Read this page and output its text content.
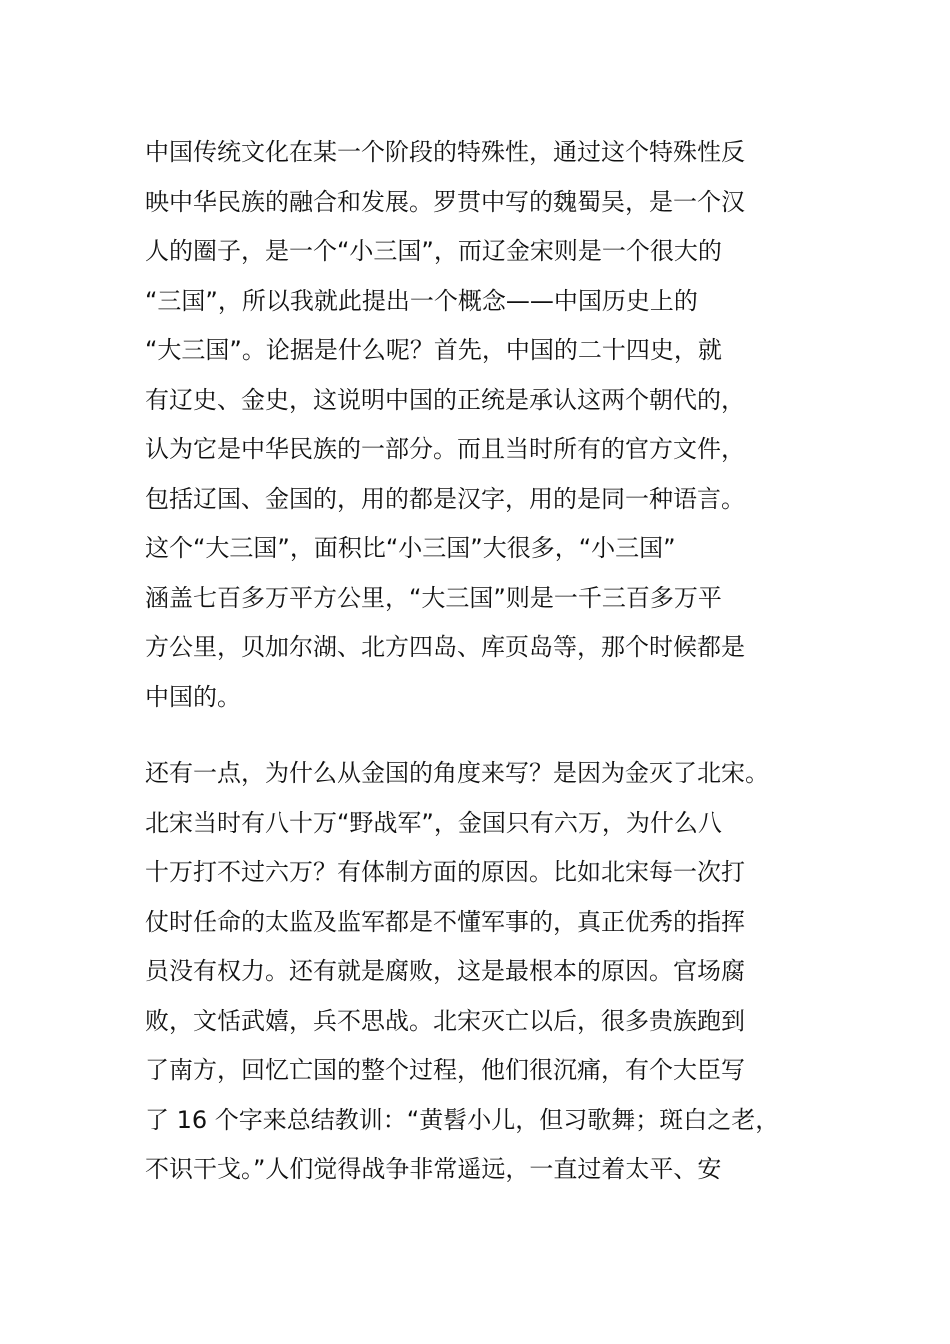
中国传统文化在某一个阶段的特殊性，通过这个特殊性反
映中华民族的融合和发展。罗贯中写的魏蜀吴，是一个汉
人的圈子，是一个“小三国”，而辽金宋则是一个很大的
“三国”，所以我就此提出一个概念——中国历史上的
“大三国”。论据是什么呢？首先，中国的二十四史，就
有辽史、金史，这说明中国的正统是承认这两个朝代的，
认为它是中华民族的一部分。而且当时所有的官方文件，
包括辽国、金国的，用的都是汉字，用的是同一种语言。
这个“大三国”，面积比“小三国”大很多，“小三国”
涵盖七百多万平方公里，“大三国”则是一千三百多万平
方公里，贝加尔湖、北方四岛、库页岛等，那个时候都是
中国的。
还有一点，为什么从金国的角度来写？是因为金灭了北宋。
北宋当时有八十万“野战军”，金国只有六万，为什么八
十万打不过六万？有体制方面的原因。比如北宋每一次打
仗时任命的太监及监军都是不懂军事的，真正优秀的指挥
员没有权力。还有就是腐败，这是最根本的原因。官场腐
败，文恬武嬉，兵不思战。北宋灭亡以后，很多贵族跑到
了南方，回忆亡国的整个过程，他们很沉痛，有个大臣写
了 16 个字来总结教训：“黄髫小儿，但习歌舞；斑白之老，
不识干戈。”人们觉得战争非常遥远，一直过着太平、安
